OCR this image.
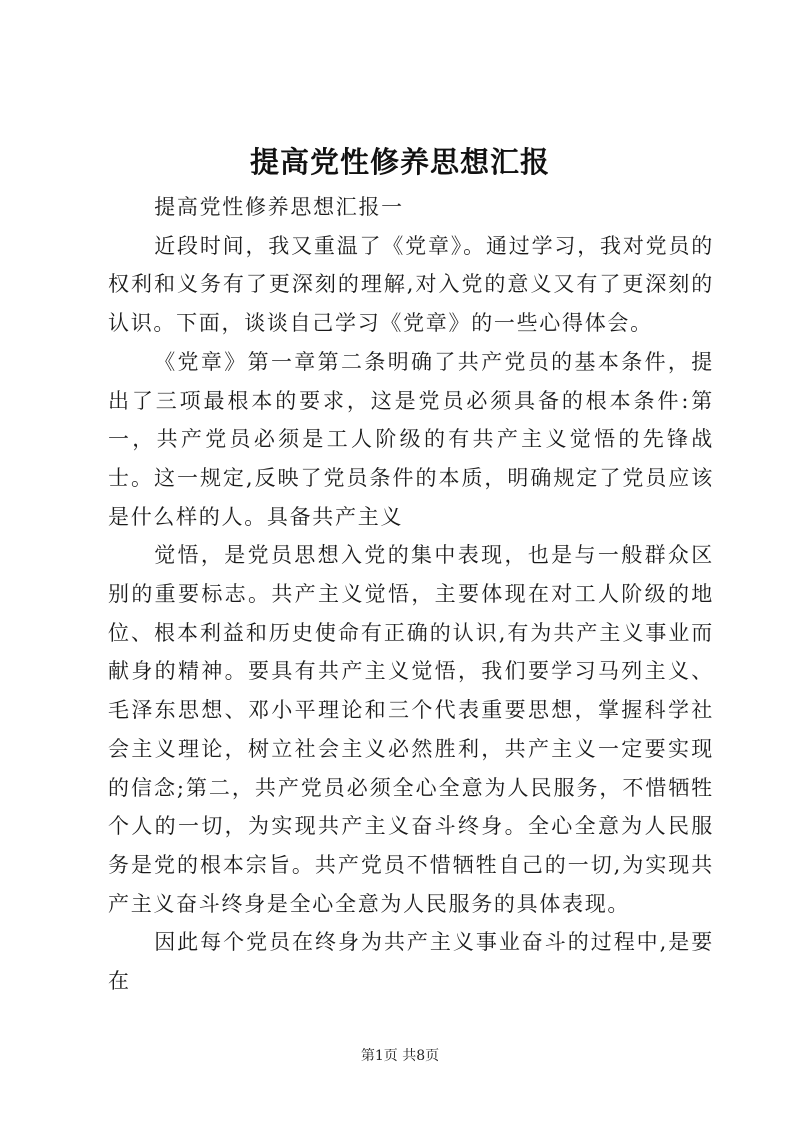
提高党性修养思想汇报

提高党性修养思想汇报一

近段时间，我又重温了《党章》。通过学习，我对党员的权利和义务有了更深刻的理解,对入党的意义又有了更深刻的认识。下面，谈谈自己学习《党章》的一些心得体会。

《党章》第一章第二条明确了共产党员的基本条件，提出了三项最根本的要求，这是党员必须具备的根本条件:第一，共产党员必须是工人阶级的有共产主义觉悟的先锋战士。这一规定,反映了党员条件的本质，明确规定了党员应该是什么样的人。具备共产主义

觉悟，是党员思想入党的集中表现，也是与一般群众区别的重要标志。共产主义觉悟，主要体现在对工人阶级的地位、根本利益和历史使命有正确的认识,有为共产主义事业而献身的精神。要具有共产主义觉悟，我们要学习马列主义、毛泽东思想、邓小平理论和三个代表重要思想，掌握科学社会主义理论，树立社会主义必然胜利，共产主义一定要实现的信念;第二，共产党员必须全心全意为人民服务，不惜牺牲个人的一切，为实现共产主义奋斗终身。全心全意为人民服务是党的根本宗旨。共产党员不惜牺牲自己的一切,为实现共产主义奋斗终身是全心全意为人民服务的具体表现。

因此每个党员在终身为共产主义事业奋斗的过程中,是要在

第1页 共8页
